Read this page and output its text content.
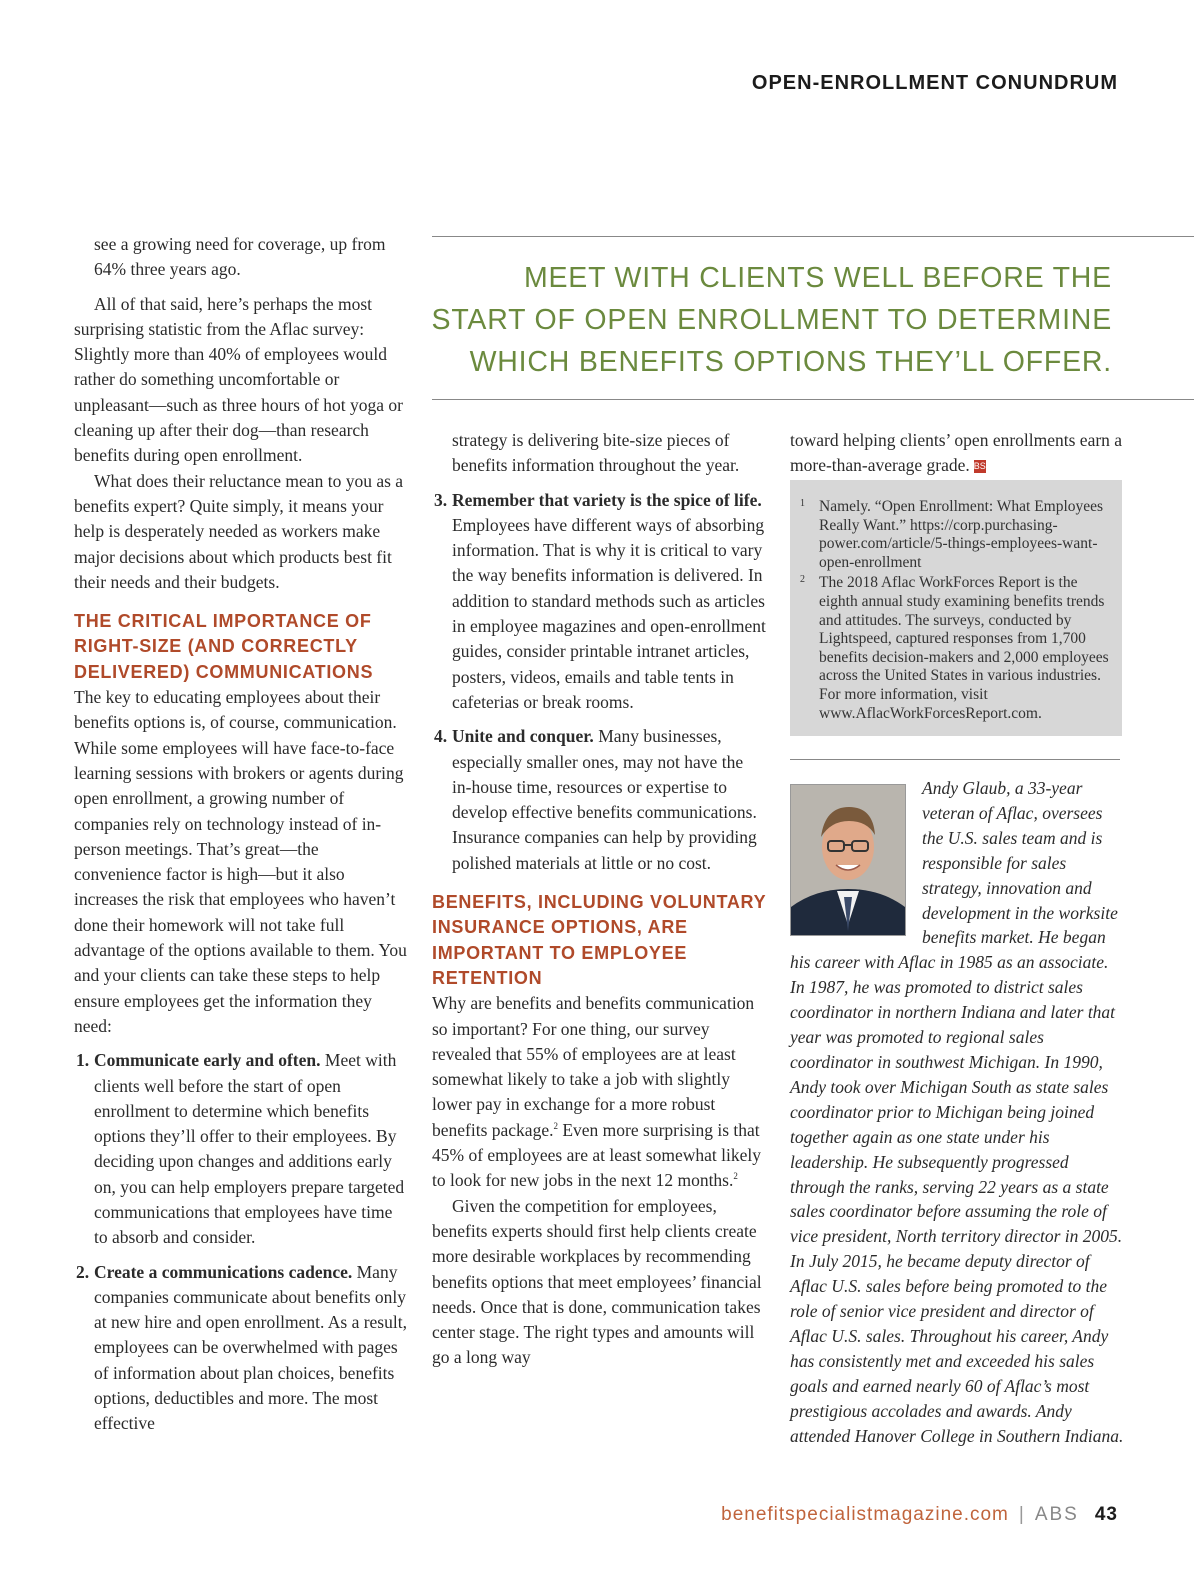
OPEN-ENROLLMENT CONUNDRUM
MEET WITH CLIENTS WELL BEFORE THE START OF OPEN ENROLLMENT TO DETERMINE WHICH BENEFITS OPTIONS THEY’LL OFFER.

see a growing need for coverage, up from 64% three years ago.

All of that said, here’s perhaps the most surprising statistic from the Aflac survey: Slightly more than 40% of employees would rather do something uncomfortable or unpleasant—such as three hours of hot yoga or cleaning up after their dog—than research benefits during open enrollment.

What does their reluctance mean to you as a benefits expert? Quite simply, it means your help is desperately needed as workers make major decisions about which products best fit their needs and their budgets.

THE CRITICAL IMPORTANCE OF RIGHT-SIZE (AND CORRECTLY DELIVERED) COMMUNICATIONS

The key to educating employees about their benefits options is, of course, communication. While some employees will have face-to-face learning sessions with brokers or agents during open enrollment, a growing number of companies rely on technology instead of in-person meetings. That’s great—the convenience factor is high—but it also increases the risk that employees who haven’t done their homework will not take full advantage of the options available to them. You and your clients can take these steps to help ensure employees get the information they need:

1. Communicate early and often. Meet with clients well before the start of open enrollment to determine which benefits options they’ll offer to their employees. By deciding upon changes and additions early on, you can help employers prepare targeted communications that employees have time to absorb and consider.
2. Create a communications cadence. Many companies communicate about benefits only at new hire and open enrollment. As a result, employees can be overwhelmed with pages of information about plan choices, benefits options, deductibles and more. The most effective

strategy is delivering bite-size pieces of benefits information throughout the year.

3. Remember that variety is the spice of life. Employees have different ways of absorbing information. That is why it is critical to vary the way benefits information is delivered. In addition to standard methods such as articles in employee magazines and open-enrollment guides, consider printable intranet articles, posters, videos, emails and table tents in cafeterias or break rooms.
4. Unite and conquer. Many businesses, especially smaller ones, may not have the in-house time, resources or expertise to develop effective benefits communications. Insurance companies can help by providing polished materials at little or no cost.

BENEFITS, INCLUDING VOLUNTARY INSURANCE OPTIONS, ARE IMPORTANT TO EMPLOYEE RETENTION

Why are benefits and benefits communication so important? For one thing, our survey revealed that 55% of employees are at least somewhat likely to take a job with slightly lower pay in exchange for a more robust benefits package.$^2$ Even more surprising is that 45% of employees are at least somewhat likely to look for new jobs in the next 12 months.$^2$

Given the competition for employees, benefits experts should first help clients create more desirable workplaces by recommending benefits options that meet employees’ financial needs. Once that is done, communication takes center stage. The right types and amounts will go a long way

toward helping clients’ open enrollments earn a more-than-average grade. BS

1 Namely. “Open Enrollment: What Employees Really Want.” https://corp.purchasing-power.com/article/5-things-employees-want-open-enrollment
2 The 2018 Aflac WorkForces Report is the eighth annual study examining benefits trends and attitudes. The surveys, conducted by Lightspeed, captured responses from 1,700 benefits decision-makers and 2,000 employees across the United States in various industries. For more information, visit www.AflacWorkForcesReport.com.
Andy Glaub, a 33-year veteran of Aflac, oversees the U.S. sales team and is responsible for sales strategy, innovation and development in the worksite benefits market. He began his career with Aflac in 1985 as an associate. In 1987, he was promoted to district sales coordinator in northern Indiana and later that year was promoted to regional sales coordinator in southwest Michigan. In 1990, Andy took over Michigan South as state sales coordinator prior to Michigan being joined together again as one state under his leadership. He subsequently progressed through the ranks, serving 22 years as a state sales coordinator before assuming the role of vice president, North territory director in 2005. In July 2015, he became deputy director of Aflac U.S. sales before being promoted to the role of senior vice president and director of Aflac U.S. sales. Throughout his career, Andy has consistently met and exceeded his sales goals and earned nearly 60 of Aflac’s most prestigious accolades and awards. Andy attended Hanover College in Southern Indiana.
benefitspecialistmagazine.com | ABS 43
